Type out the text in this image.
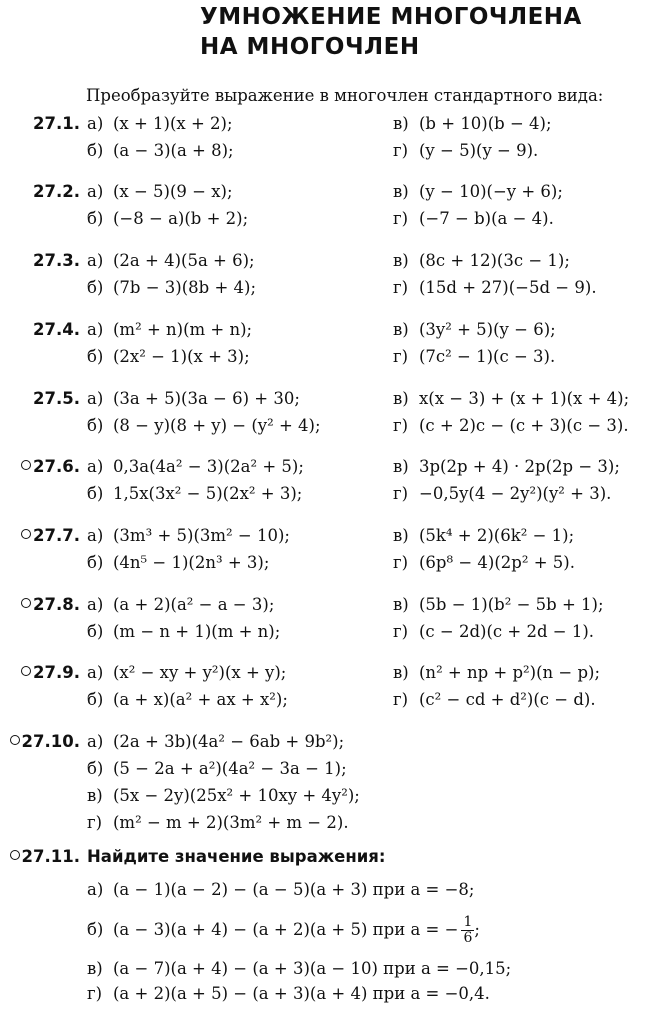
УМНОЖЕНИЕ МНОГОЧЛЕНА
НА МНОГОЧЛЕН
Преобразуйте выражение в многочлен стандартного вида:
27.1. а) (x + 1)(x + 2);
б) (a − 3)(a + 8);
в) (b + 10)(b − 4);
г) (y − 5)(y − 9).
27.2. а) (x − 5)(9 − x);
б) (−8 − a)(b + 2);
в) (y − 10)(−y + 6);
г) (−7 − b)(a − 4).
27.3. а) (2a + 4)(5a + 6);
б) (7b − 3)(8b + 4);
в) (8c + 12)(3c − 1);
г) (15d + 27)(−5d − 9).
27.4. а) (m² + n)(m + n);
б) (2x² − 1)(x + 3);
в) (3y² + 5)(y − 6);
г) (7c² − 1)(c − 3).
27.5. а) (3a + 5)(3a − 6) + 30;
б) (8 − y)(8 + y) − (y² + 4);
в) x(x − 3) + (x + 1)(x + 4);
г) (c + 2)c − (c + 3)(c − 3).
27.6. а) 0,3a(4a² − 3)(2a² + 5);
б) 1,5x(3x² − 5)(2x² + 3);
в) 3p(2p + 4) · 2p(2p − 3);
г) −0,5y(4 − 2y²)(y² + 3).
27.7. а) (3m³ + 5)(3m² − 10);
б) (4n⁵ − 1)(2n³ + 3);
в) (5k⁴ + 2)(6k² − 1);
г) (6p⁸ − 4)(2p² + 5).
27.8. а) (a + 2)(a² − a − 3);
б) (m − n + 1)(m + n);
в) (5b − 1)(b² − 5b + 1);
г) (c − 2d)(c + 2d − 1).
27.9. а) (x² − xy + y²)(x + y);
б) (a + x)(a² + ax + x²);
в) (n² + np + p²)(n − p);
г) (c² − cd + d²)(c − d).
27.10. а) (2a + 3b)(4a² − 6ab + 9b²);
б) (5 − 2a + a²)(4a² − 3a − 1);
в) (5x − 2y)(25x² + 10xy + 4y²);
г) (m² − m + 2)(3m² + m − 2).
27.11. Найдите значение выражения:
а) (a − 1)(a − 2) − (a − 5)(a + 3) при a = −8;
б) (a − 3)(a + 4) − (a + 2)(a + 5) при a = − $\frac{1}{6}$ ;
в) (a − 7)(a + 4) − (a + 3)(a − 10) при a = −0,15;
г) (a + 2)(a + 5) − (a + 3)(a + 4) при a = −0,4.
